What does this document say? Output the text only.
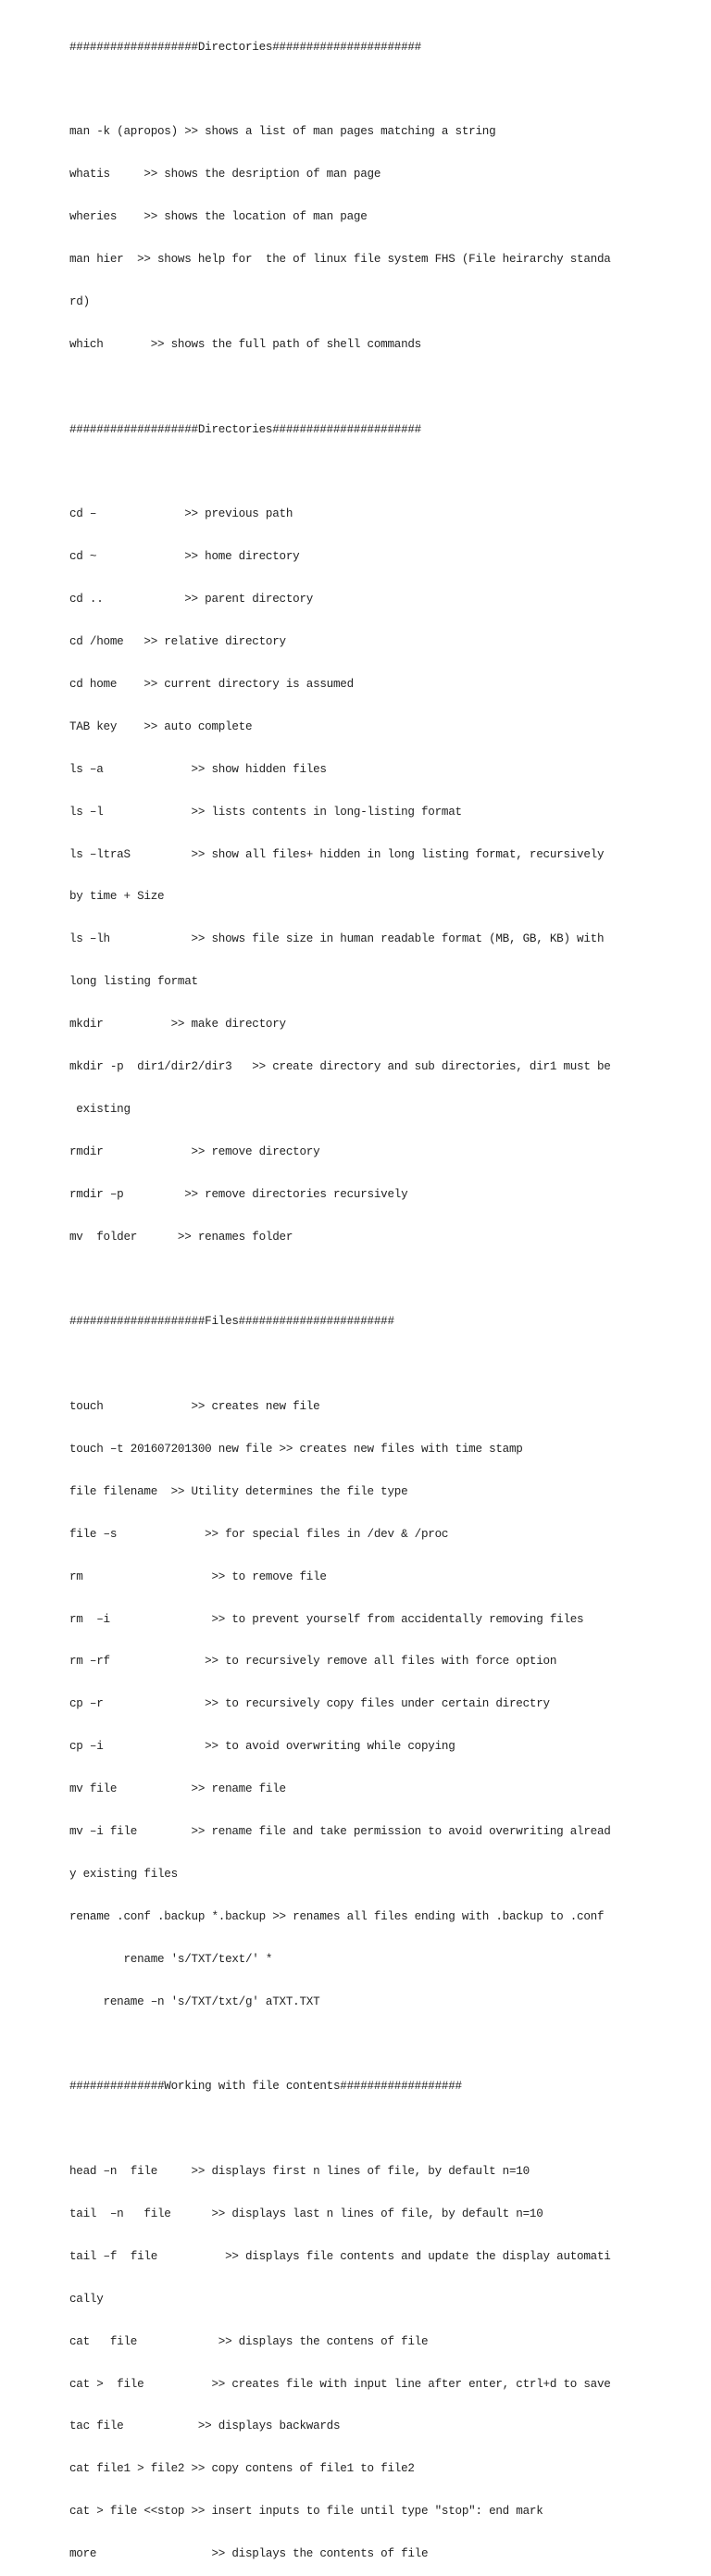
###################Directories######################

man -k (apropos) >> shows a list of man pages matching a string

whatis     >> shows the desription of man page

wheries    >> shows the location of man page

man hier  >> shows help for  the of linux file system FHS (File heirarchy standa

rd)

which       >> shows the full path of shell commands

###################Directories######################

cd –             >> previous path

cd ~             >> home directory

cd ..            >> parent directory

cd /home   >> relative directory

cd home    >> current directory is assumed

TAB key    >> auto complete

ls –a             >> show hidden files

ls –l             >> lists contents in long-listing format

ls –ltraS         >> show all files+ hidden in long listing format, recursively

by time + Size

ls –lh            >> shows file size in human readable format (MB, GB, KB) with

long listing format

mkdir          >> make directory

mkdir -p  dir1/dir2/dir3   >> create directory and sub directories, dir1 must be

existing

rmdir             >> remove directory

rmdir –p         >> remove directories recursively

mv  folder      >> renames folder

####################Files#######################

touch             >> creates new file

touch –t 201607201300 new file >> creates new files with time stamp

file filename  >> Utility determines the file type

file –s             >> for special files in /dev & /proc

rm                   >> to remove file

rm  –i               >> to prevent yourself from accidentally removing files

rm –rf              >> to recursively remove all files with force option

cp –r               >> to recursively copy files under certain directry

cp –i               >> to avoid overwriting while copying

mv file           >> rename file

mv –i file        >> rename file and take permission to avoid overwriting alread

y existing files

rename .conf .backup *.backup >> renames all files ending with .backup to .conf

rename 's/TXT/text/' *

rename –n 's/TXT/txt/g' aTXT.TXT

##############Working with file contents##################

head –n  file     >> displays first n lines of file, by default n=10

tail  –n   file      >> displays last n lines of file, by default n=10

tail –f  file          >> displays file contents and update the display automati

cally

cat   file            >> displays the contens of file

cat >  file          >> creates file with input line after enter, ctrl+d to save

tac file           >> displays backwards

cat file1 > file2 >> copy contens of file1 to file2

cat > file <<stop >> insert inputs to file until type "stop": end mark

more                 >> displays the contents of file
